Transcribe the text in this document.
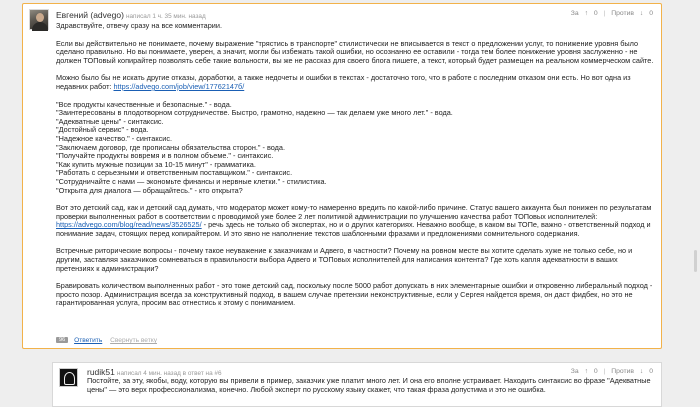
Евгений (advego) написал 1 ч. 35 мин. назад	За ↑ 0 | Против ↓ 0

Здравствуйте, отвечу сразу на все комментарии.

Если вы действительно не понимаете, почему выражение "трястись в транспорте" стилистически не вписывается в текст о предложении услуг, то понижение уровня было сделано правильно. Но вы понимаете, уверен, а значит, могли бы избежать такой ошибки, но осознанно ее оставили - тогда тем более понижение уровня заслуженно - не должен ТОПовый копирайтер позволять себе такие вольности, вы же не рассказ для своего блога пишете, а текст, который будет размещен на реальном коммерческом сайте.

Можно было бы не искать другие отказы, доработки, а также недочеты и ошибки в текстах - достаточно того, что в работе с последним отказом они есть. Но вот одна из недавних работ: https://advego.com/job/view/17762147б/

"Все продукты качественные и безопасные." - вода.
"Заинтересованы в плодотворном сотрудничестве. Быстро, грамотно, надежно — так делаем уже много лет." - вода.
"Адекватные цены" - синтаксис.
"Достойный сервис" - вода.
"Надежное качество." - синтаксис.
"Заключаем договор, где прописаны обязательства сторон." - вода.
"Получайте продукты вовремя и в полном объеме." - синтаксис.
"Как купить мужные позиции за 10-15 минут" - грамматика.
"Работать с серьезными и ответственным поставщиком." - синтаксис.
"Сотрудничайте с нами — экономьте финансы и нервные клетки." - стилистика.
"Открыта для диалога — обращайтесь." - кто открыта?

Вот это детский сад, как и детский сад думать, что модератор может кому-то намеренно вредить по какой-либо причине. Статус вашего аккаунта был понижен по результатам проверки выполненных работ в соответствии с проводимой уже более 2 лет политикой администрации по улучшению качества работ ТОПовых исполнителей: https://advego.com/blog/read/news/3526525/ - речь здесь не только об экспертах, но и о других категориях. Неважно вообще, в каком вы ТОПе, важно - ответственный подход и понимание задач, стоящих перед копирайтером. И это явно не наполнение текстов шаблонными фразами и предложениями сомнительного содержания.

Встречные риторические вопросы - почему такое неуважение к заказчикам и Адвего, в частности? Почему на ровном месте вы хотите сделать хуже не только себе, но и другим, заставляя заказчиков сомневаться в правильности выбора Адвего и ТОПовых исполнителей для написания контента? Где хоть капля адекватности в ваших претензиях к администрации?

Бравировать количеством выполненных работ - это тоже детский сад, поскольку после 5000 работ допускать в них элементарные ошибки и откровенно либеральный подход - просто позор. Администрация всегда за конструктивный подход, в вашем случае претензии неконструктивные, если у Сергея найдется время, он даст фидбек, но это не гарантированная услуга, просим вас отнестись к этому с пониманием.

96 Ответить Свернуть ветку
rudik51 написал 4 мин. назад в ответ на #6	За ↑ 0 | Против ↓ 0
Постойте, за эту, якобы, воду, которую вы привели в пример, заказчик уже платит много лет. И она его вполне устраивает. Находить синтаксис во фразе "Адекватные цены" — это верх профессионализма, конечно. Любой эксперт по русскому языку скажет, что такая фраза допустима и это не ошибка.
